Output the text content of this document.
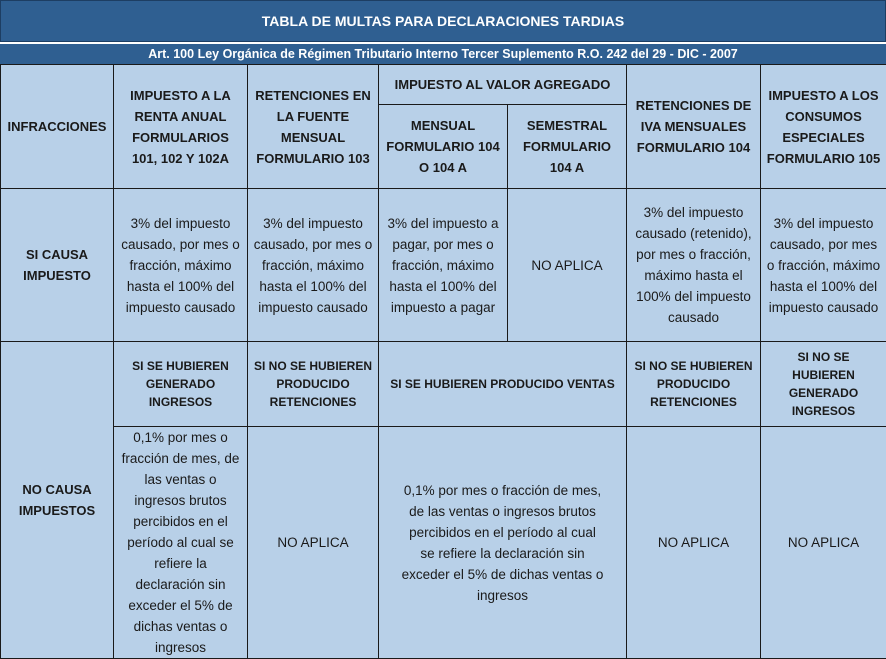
TABLA DE MULTAS PARA DECLARACIONES TARDIAS
Art. 100 Ley Orgánica de Régimen Tributario Interno Tercer Suplemento R.O. 242 del 29 - DIC - 2007
INFRACCIONES	IMPUESTO A LA RENTA ANUAL FORMULARIOS 101, 102 Y 102A	RETENCIONES EN LA FUENTE MENSUAL FORMULARIO 103	IMPUESTO AL VALOR AGREGADO		RETENCIONES DE IVA MENSUALES FORMULARIO 104	IMPUESTO A LOS CONSUMOS ESPECIALES FORMULARIO 105
			MENSUAL FORMULARIO 104 O 104 A	SEMESTRAL FORMULARIO 104 A		
SI CAUSA IMPUESTO	3% del impuesto causado, por mes o fracción, máximo hasta el 100% del impuesto causado	3% del impuesto causado, por mes o fracción, máximo hasta el 100% del impuesto causado	3% del impuesto a pagar, por mes o fracción, máximo hasta el 100% del impuesto a pagar	NO APLICA	3% del impuesto causado (retenido), por mes o fracción, máximo hasta el 100% del impuesto causado	3% del impuesto causado, por mes o fracción, máximo hasta el 100% del impuesto causado
NO CAUSA IMPUESTOS	SI SE HUBIEREN GENERADO INGRESOS	SI NO SE HUBIEREN PRODUCIDO RETENCIONES	SI SE HUBIEREN PRODUCIDO VENTAS		SI NO SE HUBIEREN PRODUCIDO RETENCIONES	SI NO SE HUBIEREN GENERADO INGRESOS
	0,1% por mes o fracción de mes, de las ventas o ingresos brutos percibidos en el período al cual se refiere la declaración sin exceder el 5% de dichas ventas o ingresos	NO APLICA	0,1% por mes o fracción de mes, de las ventas o ingresos brutos percibidos en el período al cual se refiere la declaración sin exceder el 5% de dichas ventas o ingresos		NO APLICA	NO APLICA
